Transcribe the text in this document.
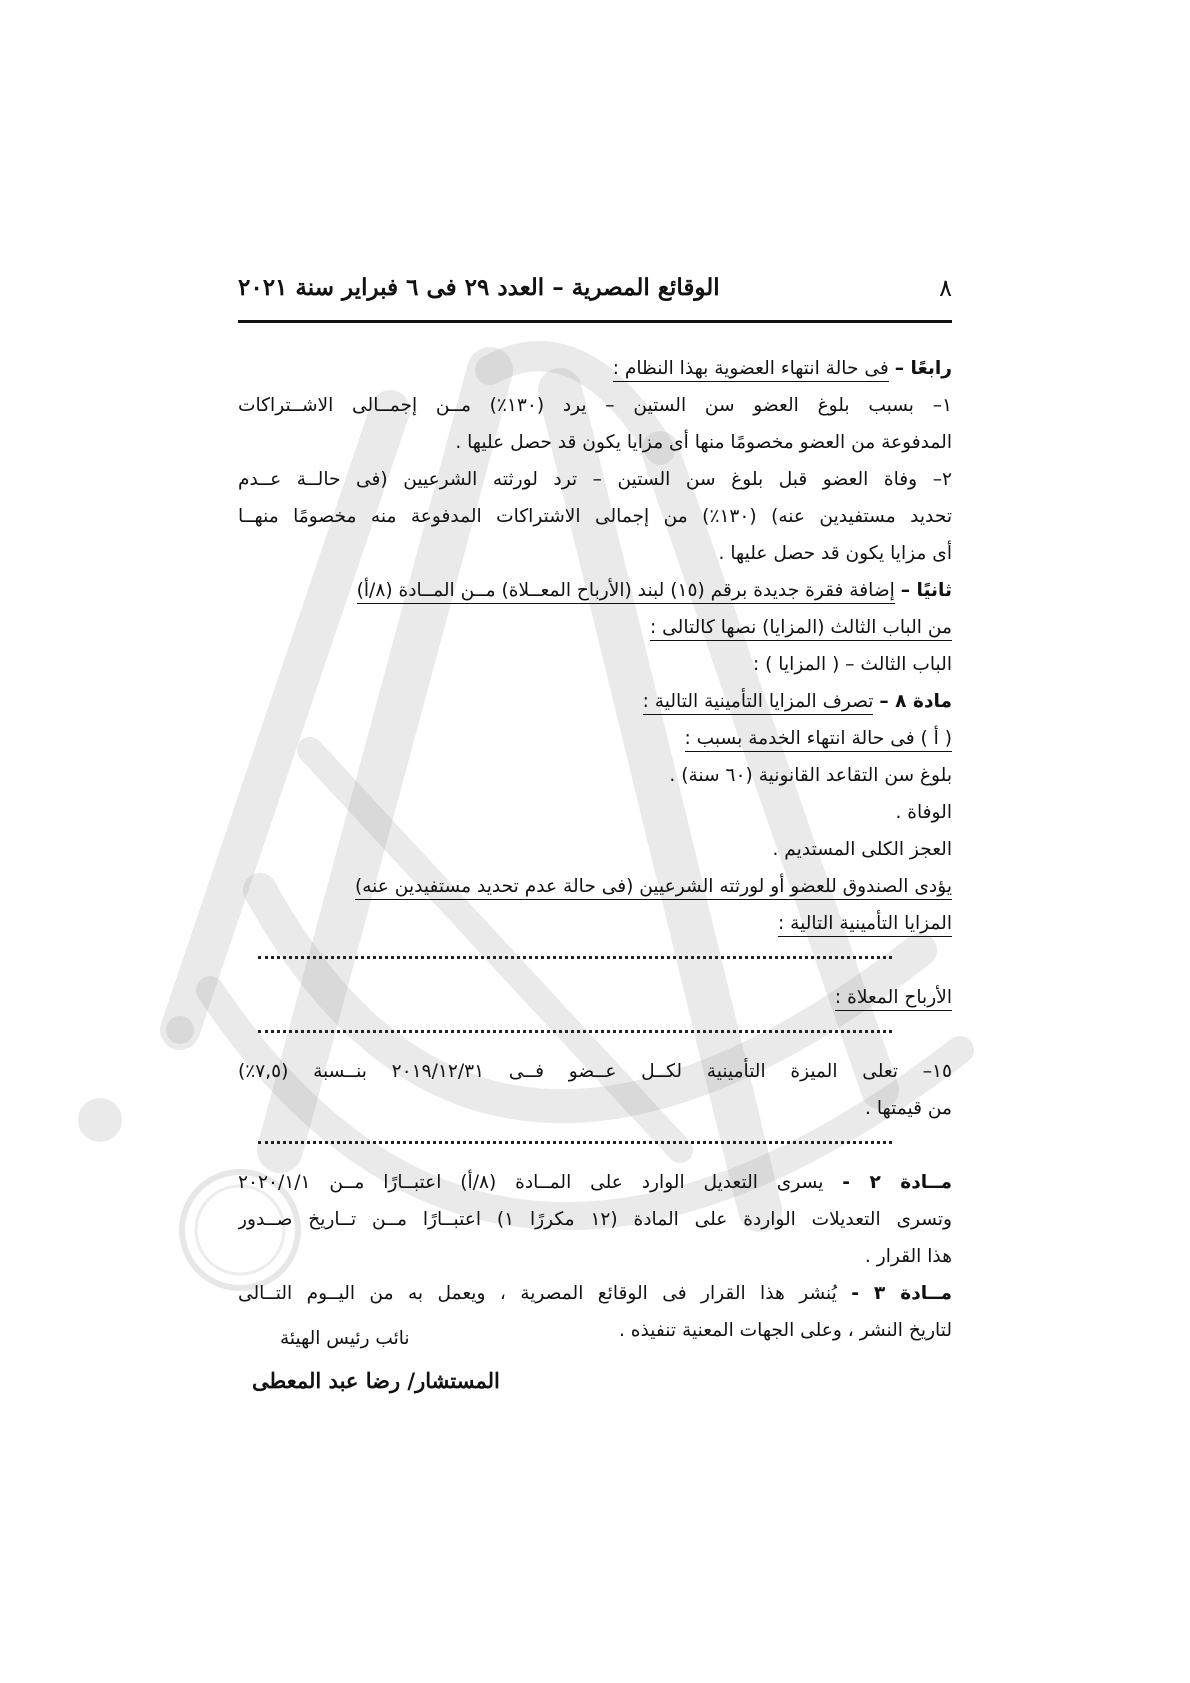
٨
الوقائع المصرية – العدد ٢٩ فى ٦ فبراير سنة ٢٠٢١
رابعًا – فى حالة انتهاء العضوية بهذا النظام :
١– بسبب بلوغ العضو سن الستين – يرد (١٣٠٪) مــن إجمــالى الاشــتراكات
المدفوعة من العضو مخصومًا منها أى مزايا يكون قد حصل عليها .
٢– وفاة العضو قبل بلوغ سن الستين – ترد لورثته الشرعيين (فى حالــة عــدم
تحديد مستفيدين عنه) (١٣٠٪) من إجمالى الاشتراكات المدفوعة منه مخصومًا منهــا
أى مزايا يكون قد حصل عليها .
ثانيًا – إضافة فقرة جديدة برقم (١٥) لبند (الأرباح المعــلاة) مــن المــادة (٨/أ)
من الباب الثالث (المزايا) نصها كالتالى :
الباب الثالث – ( المزايا ) :
مادة ٨ – تصرف المزايا التأمينية التالية :
( أ ) فى حالة انتهاء الخدمة بسبب :
بلوغ سن التقاعد القانونية (٦٠ سنة) .
الوفاة .
العجز الكلى المستديم .
يؤدى الصندوق للعضو أو لورثته الشرعيين (فى حالة عدم تحديد مستفيدين عنه)
المزايا التأمينية التالية :
الأرباح المعلاة :
١٥– تعلى الميزة التأمينية لكــل عــضو فــى ٢٠١٩/١٢/٣١ بنــسبة (٧,٥٪)
من قيمتها .
مــادة ٢ - يسرى التعديل الوارد على المــادة (٨/أ) اعتبــارًا مــن ٢٠٢٠/١/١
وتسرى التعديلات الواردة على المادة (١٢ مكررًا ١) اعتبــارًا مــن تــاريخ صــدور
هذا القرار .
مــادة ٣ - يُنشر هذا القرار فى الوقائع المصرية ، ويعمل به من اليــوم التــالى
لتاريخ النشر ، وعلى الجهات المعنية تنفيذه .
نائب رئيس الهيئة
المستشار/ رضا عبد المعطى
